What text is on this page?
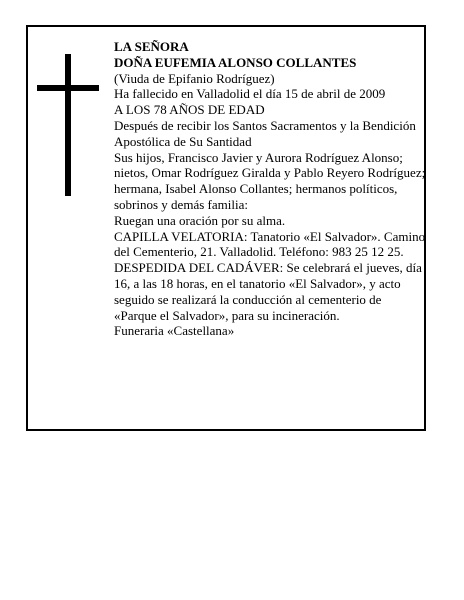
LA SEÑORA

DOÑA EUFEMIA ALONSO COLLANTES

(Viuda de Epifanio Rodríguez)

Ha fallecido en Valladolid el día 15 de abril de 2009

A LOS 78 AÑOS DE EDAD

Después de recibir los Santos Sacramentos y la Bendición Apostólica de Su Santidad

Sus hijos, Francisco Javier y Aurora Rodríguez Alonso; nietos, Omar Rodríguez Giralda y Pablo Reyero Rodríguez; hermana, Isabel Alonso Collantes; hermanos políticos, sobrinos y demás familia:

Ruegan una oración por su alma.

CAPILLA VELATORIA: Tanatorio «El Salvador». Camino del Cementerio, 21. Valladolid. Teléfono: 983 25 12 25.

DESPEDIDA DEL CADÁVER: Se celebrará el jueves, día 16, a las 18 horas, en el tanatorio «El Salvador», y acto seguido se realizará la conducción al cementerio de «Parque el Salvador», para su incineración.

Funeraria «Castellana»
